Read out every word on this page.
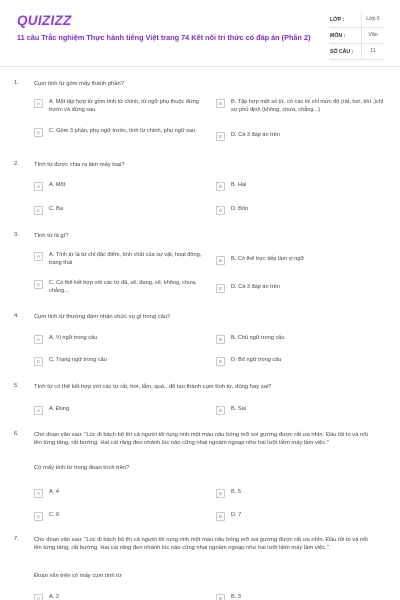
QUIZIZZ
11 câu Trắc nghiệm Thực hành tiếng Việt trang 74 Kết nối tri thức có đáp án (Phần 2)
LỚP :	Lớp 6
MÔN :	Văn
SỐ CÂU :	11
1.	Cụm tính từ gồm mấy thành phần?
A	A. Một tập hợp từ gồm tính từ chính, từ ngữ phụ thuộc đứng trước và đứng sau
B	B. Tập hợp một số từ, có các từ chỉ mức độ (rất, hơi, khí..)chỉ sự phủ định (không, chưa, chẳng...)
C	C. Gồm 3 phần, phụ ngữ trước, tính từ chính, phụ ngữ sau
D	D. Cả 3 đáp án trên
2.	Tính từ được chia ra làm mấy loại?
A	A. Một	B	B. Hai
C	C. Ba	D	D. Bốn
3.	Tính từ là gì?
A	A. Tính từ là từ chỉ đặc điểm, tính chất của sự vật, hoạt động, trạng thái	B	B. Có thể trực tiếp làm vị ngữ
C	C. Có thể kết hợp với các từ đã, sẽ, đang, sẽ, không, chưa, chẳng...	D	D. Cả 3 đáp án trên
4.	Cụm tính từ thường đảm nhận chức vụ gì trong câu?
A	A. Vị ngữ trong câu	B	B. Chủ ngữ trong câu
C	C. Trạng ngữ trong câu	D	D. Bổ ngữ trong câu
5.	Tính từ có thể kết hợp với các từ rất, hơi, lắm, quá...để tạo thành cụm tính từ, đúng hay sai?
A	A. Đúng	B	B. Sai
6.	Cho đoạn văn sau: "Lúc đi bách bộ thì cả người tôi rung rinh một màu nâu bóng mỡ soi gương được rất ưa nhìn. Đầu tôi to và nổi lên từng tảng, rất bướng. Hai cái răng đen nhánh lúc nào cũng nhai ngoàm ngoạp như hai lưỡi liềm máy làm việc."
Có mấy tính từ trong đoạn trích trên?
A	A. 4	B	B. 5
C	C. 6	D	D. 7
7.	Cho đoạn văn sau: "Lúc đi bách bộ thì cả người tôi rung rinh một màu nâu bóng mỡ soi gương được rất ưa nhìn. Đầu tôi to và nổi lên từng tảng, rất bướng. Hai cái răng đen nhánh lúc nào cũng nhai ngoàm ngoạp như hai lưỡi liềm máy làm việc."
Đoạn văn trên có mấy cụm tính từ
A	A. 2	B	B. 3
